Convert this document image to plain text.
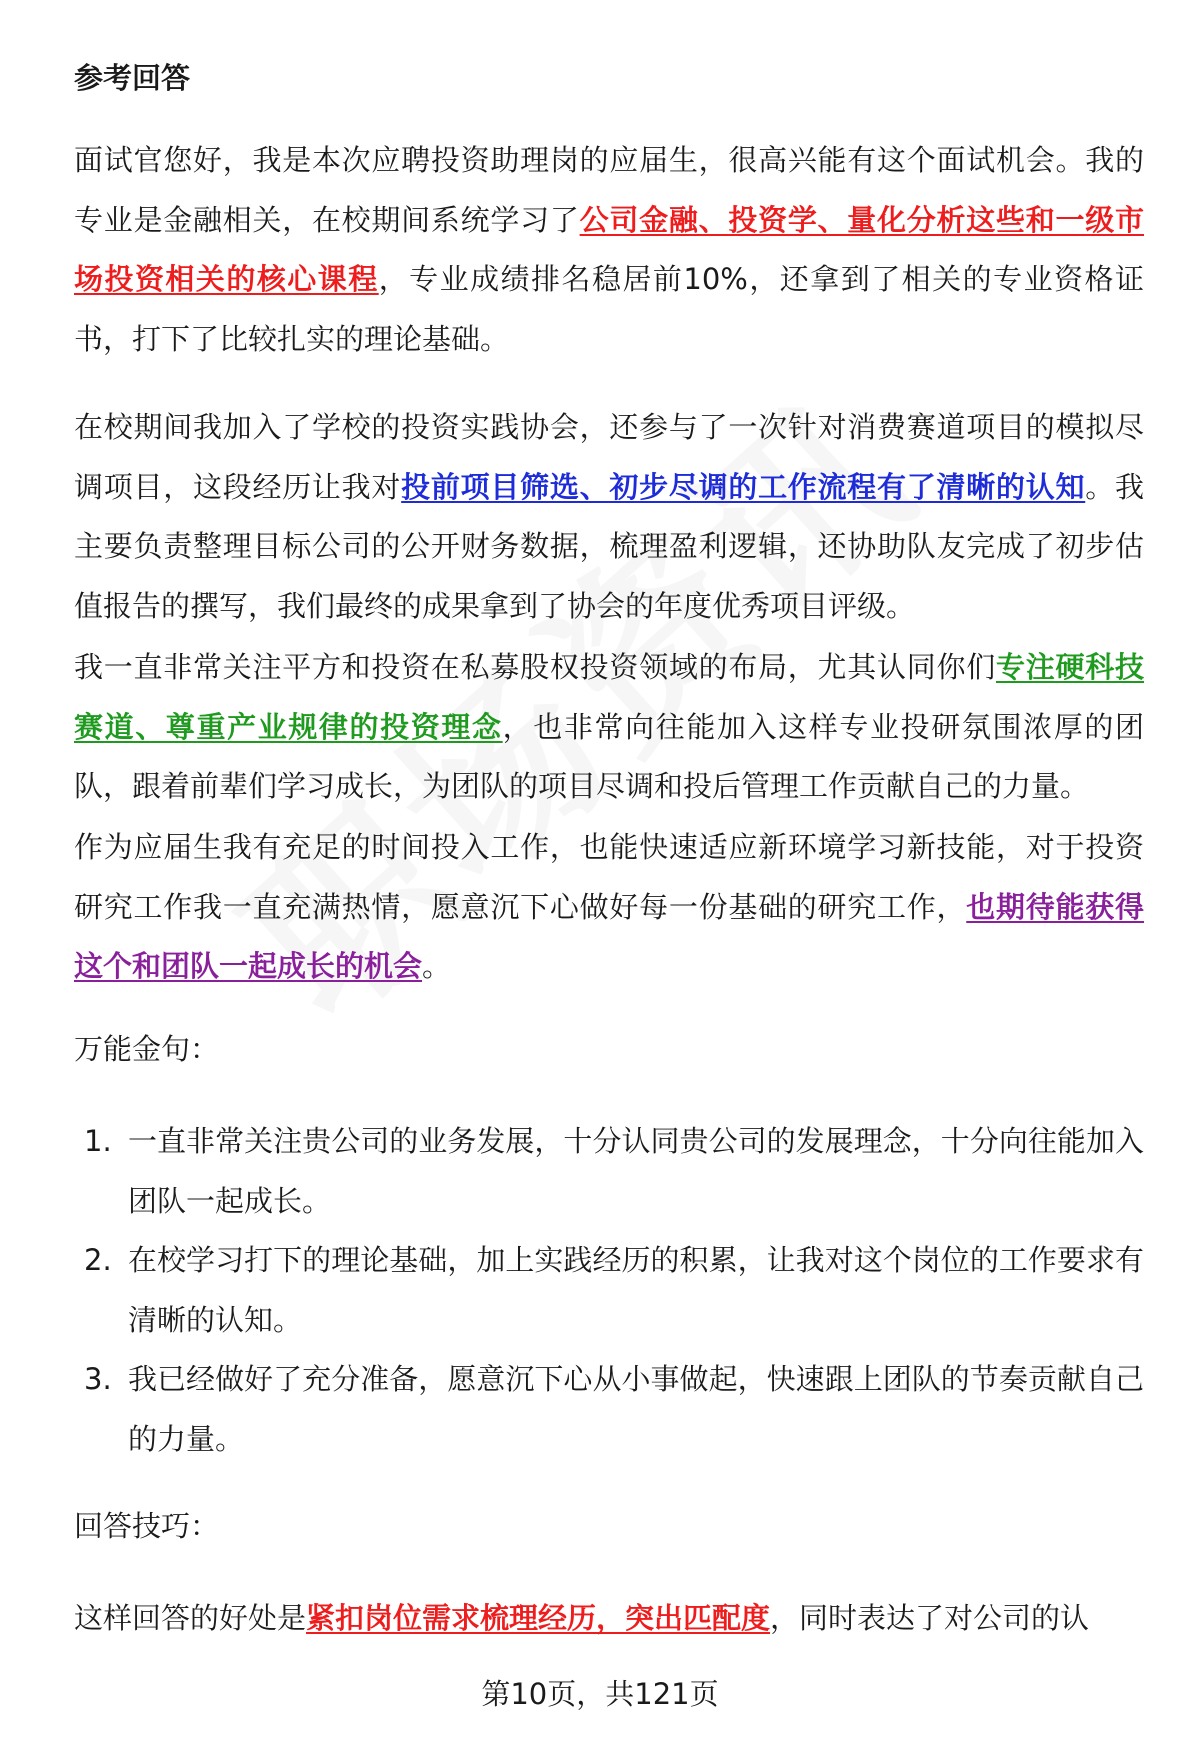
参考回答

面试官您好，我是本次应聘投资助理岗的应届生，很高兴能有这个面试机会。我的专业是金融相关，在校期间系统学习了公司金融、投资学、量化分析这些和一级市场投资相关的核心课程，专业成绩排名稳居前10%，还拿到了相关的专业资格证书，打下了比较扎实的理论基础。

在校期间我加入了学校的投资实践协会，还参与了一次针对消费赛道项目的模拟尽调项目，这段经历让我对投前项目筛选、初步尽调的工作流程有了清晰的认知。我主要负责整理目标公司的公开财务数据，梳理盈利逻辑，还协助队友完成了初步估值报告的撰写，我们最终的成果拿到了协会的年度优秀项目评级。

我一直非常关注平方和投资在私募股权投资领域的布局，尤其认同你们专注硬科技赛道、尊重产业规律的投资理念，也非常向往能加入这样专业投研氛围浓厚的团队，跟着前辈们学习成长，为团队的项目尽调和投后管理工作贡献自己的力量。

作为应届生我有充足的时间投入工作，也能快速适应新环境学习新技能，对于投资研究工作我一直充满热情，愿意沉下心做好每一份基础的研究工作，也期待能获得这个和团队一起成长的机会。

万能金句：
1. 一直非常关注贵公司的业务发展，十分认同贵公司的发展理念，十分向往能加入团队一起成长。
2. 在校学习打下的理论基础，加上实践经历的积累，让我对这个岗位的工作要求有清晰的认知。
3. 我已经做好了充分准备，愿意沉下心从小事做起，快速跟上团队的节奏贡献自己的力量。
回答技巧：

这样回答的好处是紧扣岗位需求梳理经历，突出匹配度，同时表达了对公司的认

第10页，共121页
